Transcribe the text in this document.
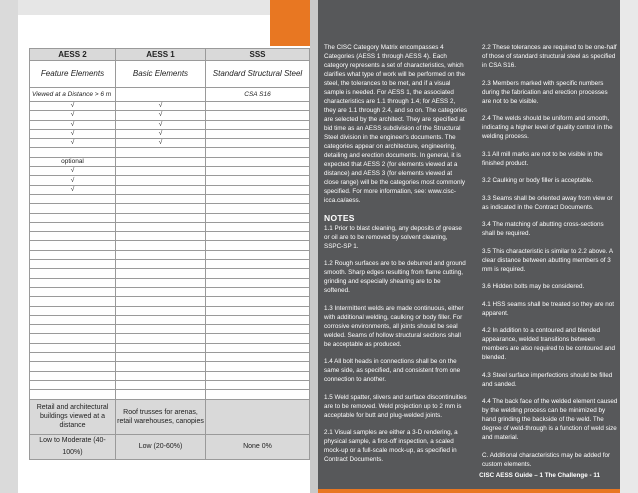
AESS 2	AESS 1	SSS
Feature Elements	Basic Elements	Standard Structural Steel
Viewed at a Distance > 6 m		CSA S16
√	√	
√	√	
√	√	
√	√	
√	√	

optional		
√		
√		
√		

Retail and architectural buildings viewed at a distance	Roof trusses for arenas, retail warehouses, canopies	
Low to Moderate (40-100%)	Low (20-60%)	None 0%

The CISC Category Matrix encompasses 4 Categories (AESS 1 through AESS 4). Each category represents a set of characteristics, which clarifies what type of work will be performed on the steel, the tolerances to be met, and if a visual sample is needed. For AESS 1, the associated characteristics are 1.1 through 1.4; for AESS 2, they are 1.1 through 2.4, and so on. The categories are selected by the architect. They are specified at bid time as an AESS subdivision of the Structural Steel division in the engineer's documents. The categories appear on architecture, engineering, detailing and erection documents. In general, it is expected that AESS 2 (for elements viewed at a distance) and AESS 3 (for elements viewed at close range) will be the categories most commonly specified. For more information, see: www.cisc-icca.ca/aess.

NOTES

1.1 Prior to blast cleaning, any deposits of grease or oil are to be removed by solvent cleaning, SSPC-SP 1.

1.2 Rough surfaces are to be deburred and ground smooth. Sharp edges resulting from flame cutting, grinding and especially shearing are to be softened.

1.3 Intermittent welds are made continuous, either with additional welding, caulking or body filler. For corrosive environments, all joints should be seal welded. Seams of hollow structural sections shall be acceptable as produced.

1.4 All bolt heads in connections shall be on the same side, as specified, and consistent from one connection to another.

1.5 Weld spatter, slivers and surface discontinuities are to be removed. Weld projection up to 2 mm is acceptable for butt and plug-welded joints.

2.1 Visual samples are either a 3-D rendering, a physical sample, a first-off inspection, a scaled mock-up or a full-scale mock-up, as specified in Contract Documents.

2.2 These tolerances are required to be one-half of those of standard structural steel as specified in CSA S16.

2.3 Members marked with specific numbers during the fabrication and erection processes are not to be visible.

2.4 The welds should be uniform and smooth, indicating a higher level of quality control in the welding process.

3.1 All mill marks are not to be visible in the finished product.

3.2 Caulking or body filler is acceptable.

3.3 Seams shall be oriented away from view or as indicated in the Contract Documents.

3.4 The matching of abutting cross-sections shall be required.

3.5 This characteristic is similar to 2.2 above. A clear distance between abutting members of 3 mm is required.

3.6 Hidden bolts may be considered.

4.1 HSS seams shall be treated so they are not apparent.

4.2 In addition to a contoured and blended appearance, welded transitions between members are also required to be contoured and blended.

4.3 Steel surface imperfections should be filled and sanded.

4.4 The back face of the welded element caused by the welding process can be minimized by hand grinding the backside of the weld. The degree of weld-through is a function of weld size and material.

C. Additional characteristics may be added for custom elements.

CISC AESS Guide – 1 The Challenge - 11
